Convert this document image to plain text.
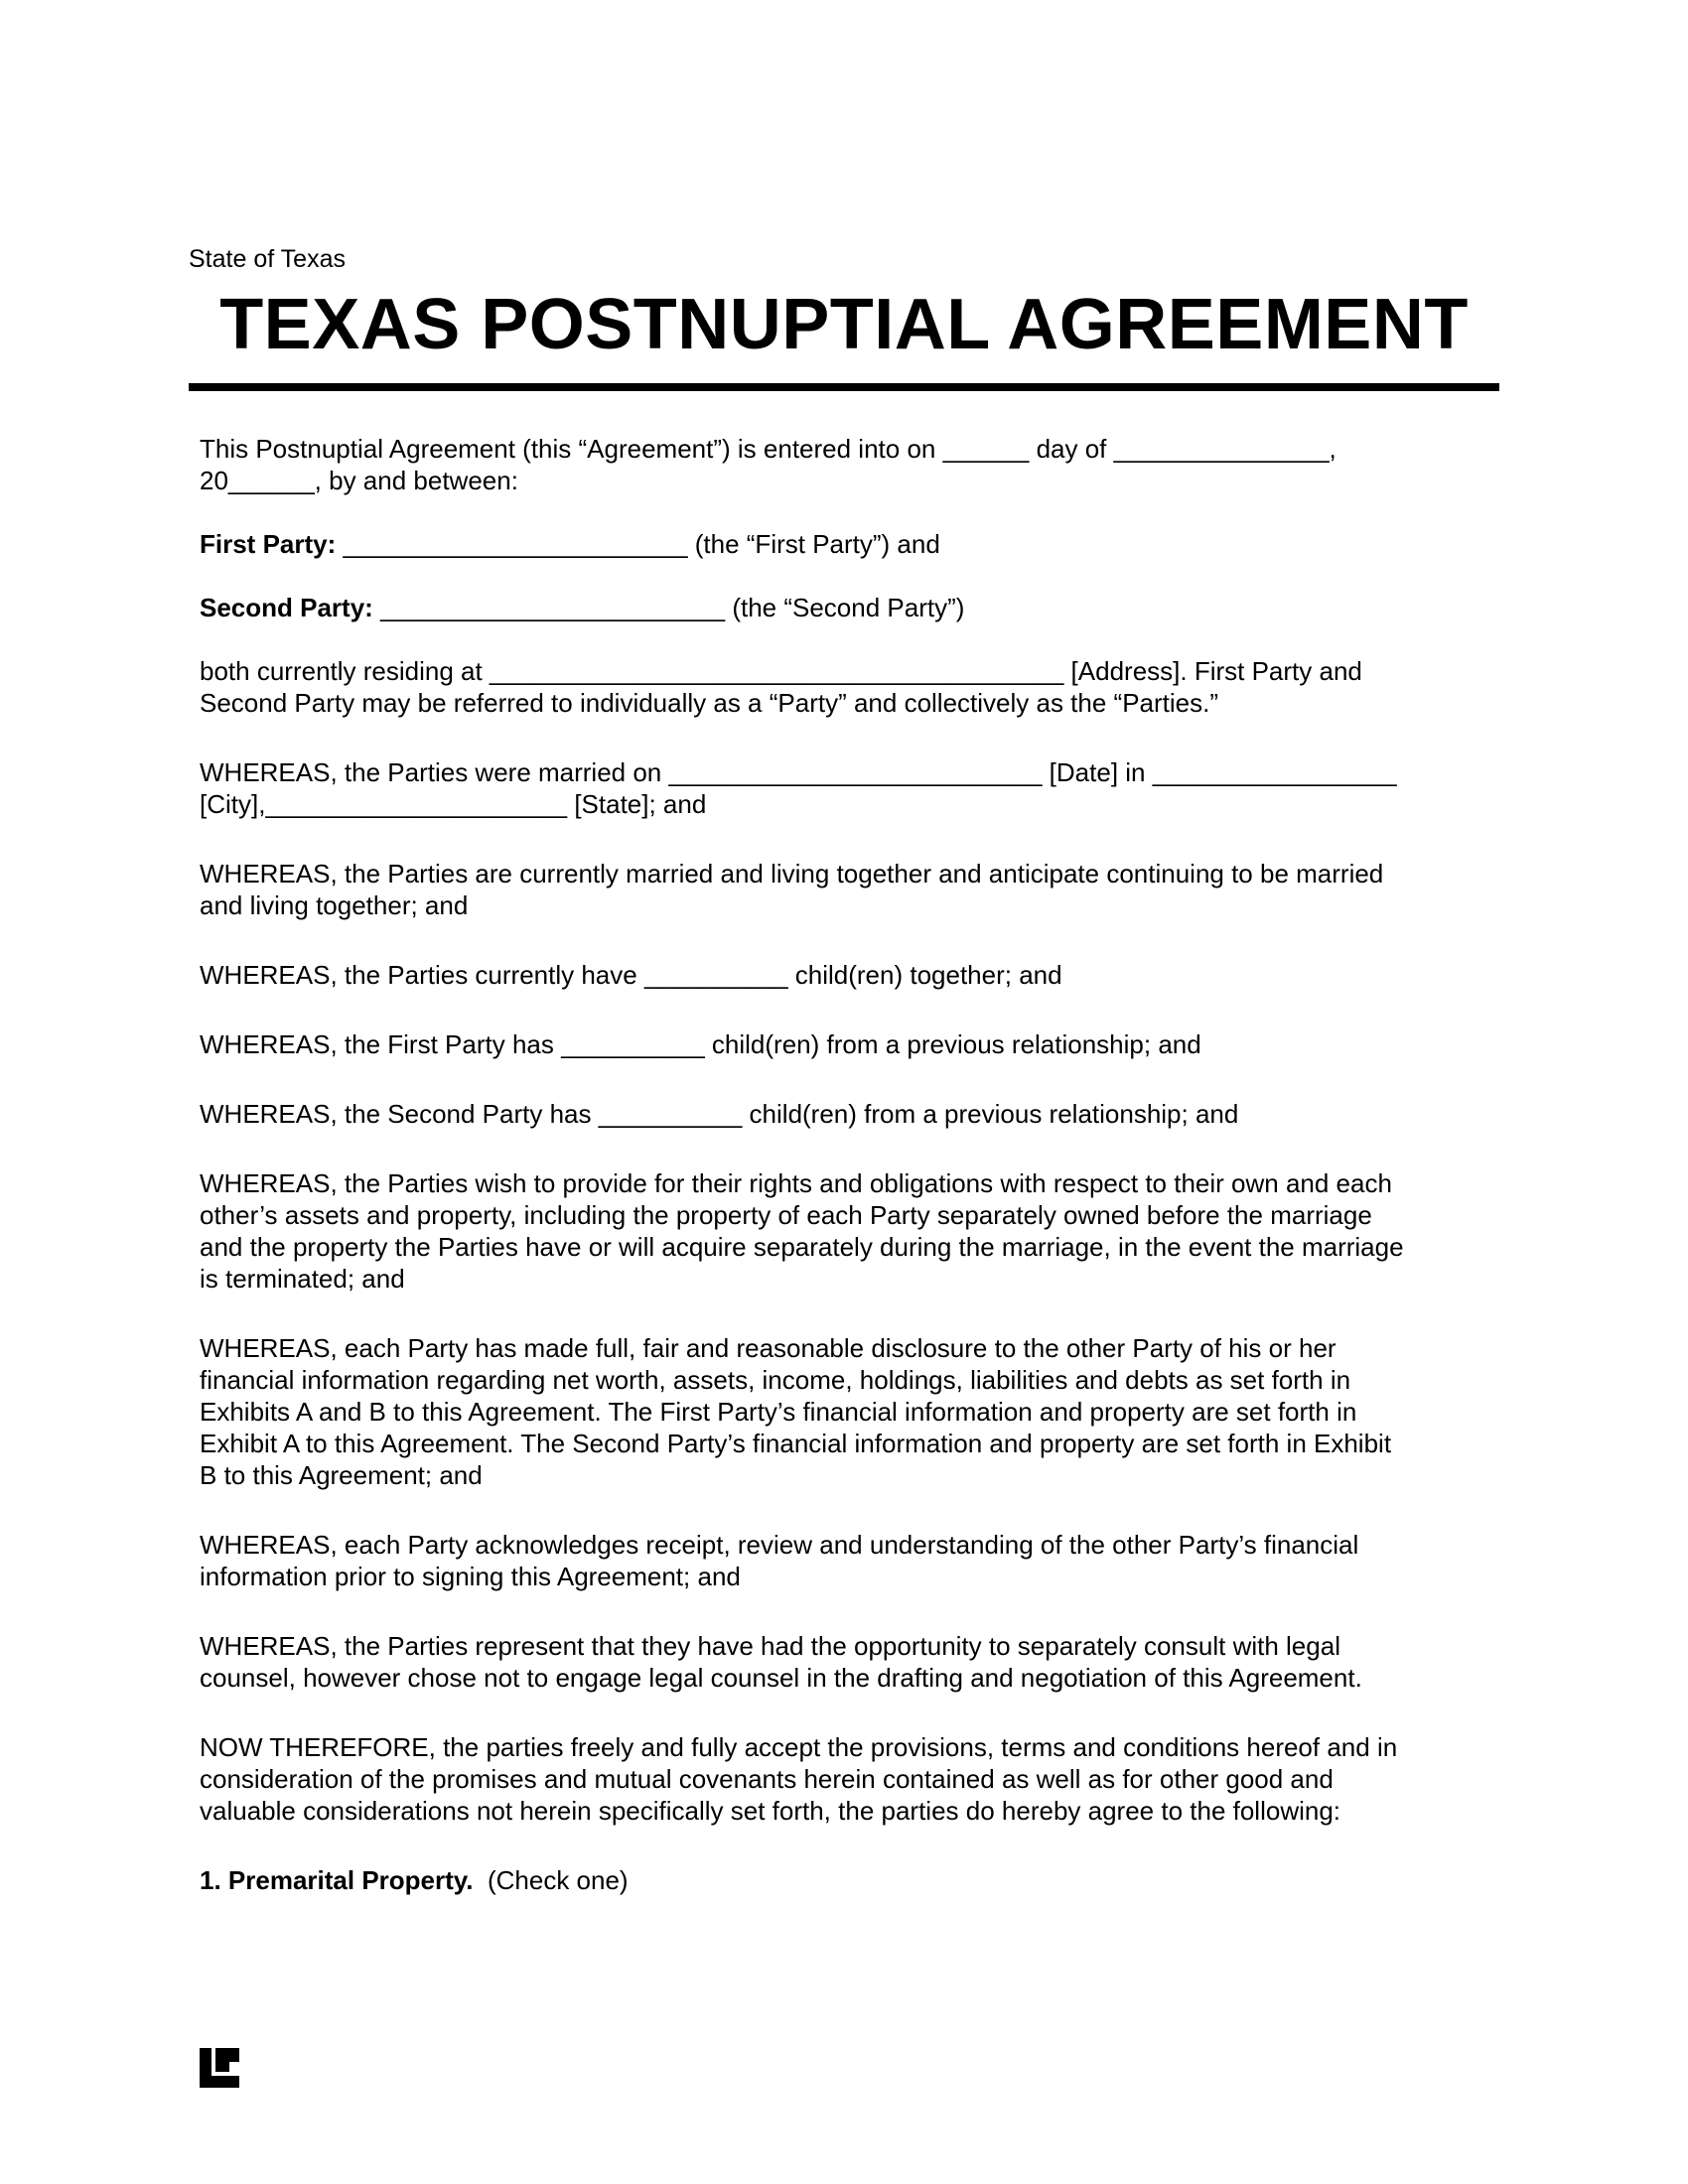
State of Texas
TEXAS POSTNUPTIAL AGREEMENT

This Postnuptial Agreement (this “Agreement”) is entered into on ______ day of _______________,
20______, by and between:

First Party: ________________________ (the “First Party”) and

Second Party: ________________________ (the “Second Party”)

both currently residing at ________________________________________ [Address]. First Party and
Second Party may be referred to individually as a “Party” and collectively as the “Parties.”

WHEREAS, the Parties were married on __________________________ [Date] in _________________
[City],_____________________ [State]; and

WHEREAS, the Parties are currently married and living together and anticipate continuing to be married
and living together; and

WHEREAS, the Parties currently have __________ child(ren) together; and

WHEREAS, the First Party has __________ child(ren) from a previous relationship; and

WHEREAS, the Second Party has __________ child(ren) from a previous relationship; and

WHEREAS, the Parties wish to provide for their rights and obligations with respect to their own and each
other’s assets and property, including the property of each Party separately owned before the marriage
and the property the Parties have or will acquire separately during the marriage, in the event the marriage
is terminated; and

WHEREAS, each Party has made full, fair and reasonable disclosure to the other Party of his or her
financial information regarding net worth, assets, income, holdings, liabilities and debts as set forth in
Exhibits A and B to this Agreement. The First Party’s financial information and property are set forth in
Exhibit A to this Agreement. The Second Party’s financial information and property are set forth in Exhibit
B to this Agreement; and

WHEREAS, each Party acknowledges receipt, review and understanding of the other Party’s financial
information prior to signing this Agreement; and

WHEREAS, the Parties represent that they have had the opportunity to separately consult with legal
counsel, however chose not to engage legal counsel in the drafting and negotiation of this Agreement.

NOW THEREFORE, the parties freely and fully accept the provisions, terms and conditions hereof and in
consideration of the promises and mutual covenants herein contained as well as for other good and
valuable considerations not herein specifically set forth, the parties do hereby agree to the following:

1. Premarital Property.  (Check one)
